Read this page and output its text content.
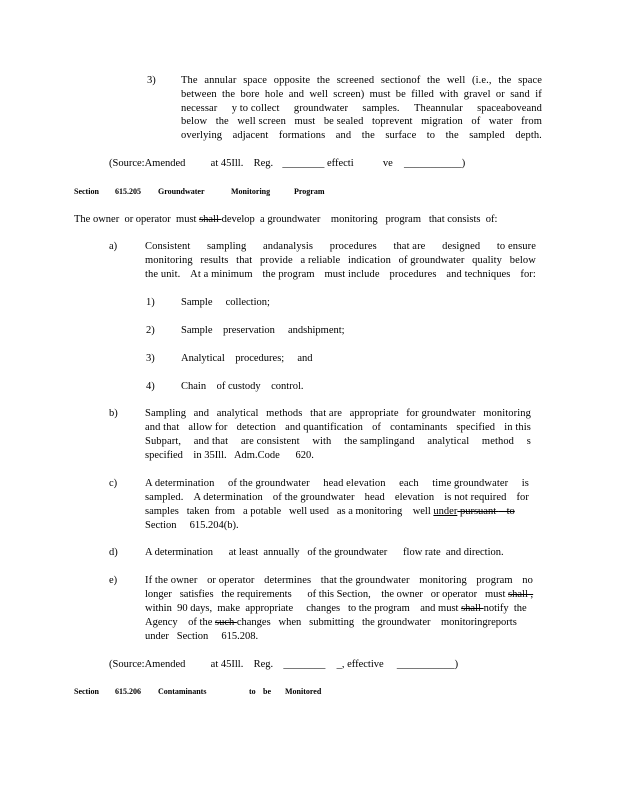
3) The annular space opposite the screened sectionof the well (i.e., the space
between the bore hole and well screen) must be filled with gravel or sand if
necessar y to collect groundwater samples. Theannular spaceaboveand
below the well screen must be sealed toprevent migration of water from
overlying adjacent formations and the surface to the sampled depth.
(Source:Amended at 45Ill. Reg. ________ effecti	ve ___________)
Section 615.205 Groundwater	Monitoring	Program
The owner  or operator  must shall develop  a groundwater    monitoring   program   that consists  of:
a)	Consistent sampling andanalysis procedures that are designed to ensure
monitoring results that provide a reliable indication of groundwater quality below
the unit. At a minimum the program must include procedures and techniques for:
1)	Sample     collection;
2)	Sample    preservation     andshipment;
3)	Analytical    procedures;     and
4)	Chain    of custody    control.
b)	Sampling and analytical methods that are appropriate for groundwater monitoring
and that allow for detection and quantification of contaminants specified in this
Subpart, and that are consistent with the samplingand analytical method s
specified    in 35Ill.   Adm.Code      620.
c)	A determination of the groundwater head elevation each time groundwater is
sampled. A determination of the groundwater head elevation is not required for
samples   taken  from   a potable   well used   as a monitoring    well under pursuant    to
Section     615.204(b).
d)	A determination      at least  annually   of the groundwater      flow rate  and direction.
e)	If the owner or operator determines that the groundwater monitoring program no
longer   satisfies   the requirements      of this Section,    the owner   or operator   must shall ,
within  90 days,  make  appropriate     changes   to the program    and must shall notify  the
Agency    of the such changes   when   submitting   the groundwater    monitoringreports
under   Section     615.208.
(Source:Amended at 45Ill. Reg. ________ _, effective ___________)
Section 615.206 Contaminants	to be Monitored
